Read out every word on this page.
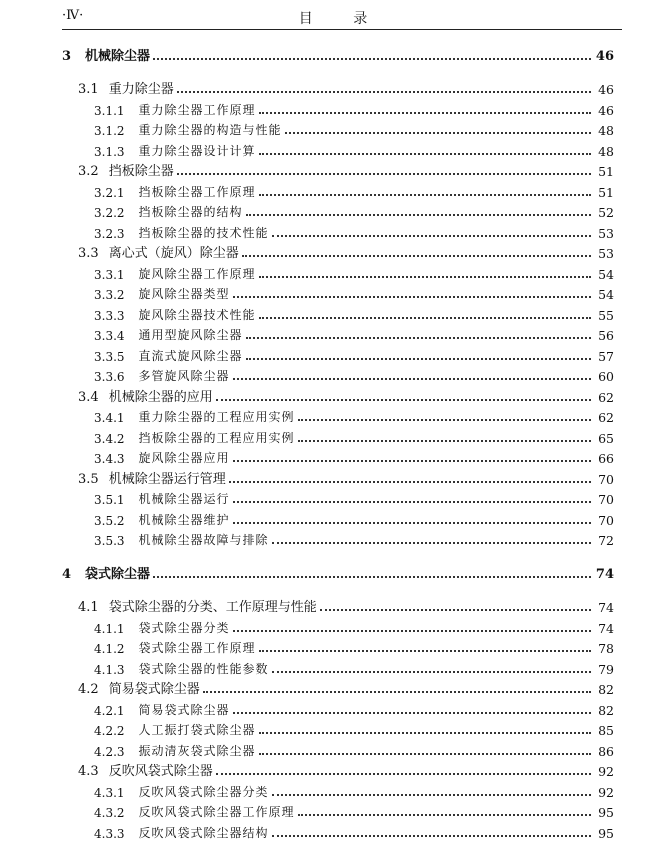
·Ⅳ·	目 录
3 机械除尘器	46
3.1 重力除尘器	46
3.1.1 重力除尘器工作原理	46
3.1.2 重力除尘器的构造与性能	48
3.1.3 重力除尘器设计计算	48
3.2 挡板除尘器	51
3.2.1 挡板除尘器工作原理	51
3.2.2 挡板除尘器的结构	52
3.2.3 挡板除尘器的技术性能	53
3.3 离心式（旋风）除尘器	53
3.3.1 旋风除尘器工作原理	54
3.3.2 旋风除尘器类型	54
3.3.3 旋风除尘器技术性能	55
3.3.4 通用型旋风除尘器	56
3.3.5 直流式旋风除尘器	57
3.3.6 多管旋风除尘器	60
3.4 机械除尘器的应用	62
3.4.1 重力除尘器的工程应用实例	62
3.4.2 挡板除尘器的工程应用实例	65
3.4.3 旋风除尘器应用	66
3.5 机械除尘器运行管理	70
3.5.1 机械除尘器运行	70
3.5.2 机械除尘器维护	70
3.5.3 机械除尘器故障与排除	72
4 袋式除尘器	74
4.1 袋式除尘器的分类、工作原理与性能	74
4.1.1 袋式除尘器分类	74
4.1.2 袋式除尘器工作原理	78
4.1.3 袋式除尘器的性能参数	79
4.2 简易袋式除尘器	82
4.2.1 简易袋式除尘器	82
4.2.2 人工振打袋式除尘器	85
4.2.3 振动清灰袋式除尘器	86
4.3 反吹风袋式除尘器	92
4.3.1 反吹风袋式除尘器分类	92
4.3.2 反吹风袋式除尘器工作原理	95
4.3.3 反吹风袋式除尘器结构	95
